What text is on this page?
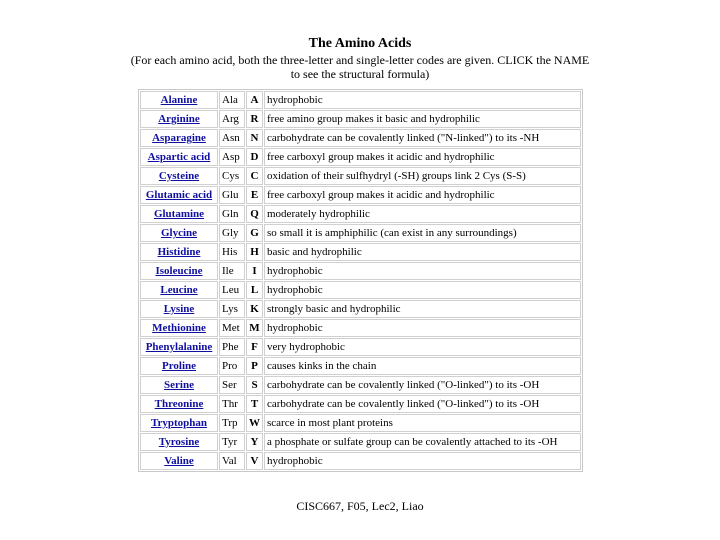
The Amino Acids
(For each amino acid, both the three-letter and single-letter codes are given. CLICK the NAME to see the structural formula)
Alanine	Ala	A	hydrophobic
Arginine	Arg	R	free amino group makes it basic and hydrophilic
Asparagine	Asn	N	carbohydrate can be covalently linked ("N-linked") to its -NH
Aspartic acid	Asp	D	free carboxyl group makes it acidic and hydrophilic
Cysteine	Cys	C	oxidation of their sulfhydryl (-SH) groups link 2 Cys (S-S)
Glutamic acid	Glu	E	free carboxyl group makes it acidic and hydrophilic
Glutamine	Gln	Q	moderately hydrophilic
Glycine	Gly	G	so small it is amphiphilic (can exist in any surroundings)
Histidine	His	H	basic and hydrophilic
Isoleucine	Ile	I	hydrophobic
Leucine	Leu	L	hydrophobic
Lysine	Lys	K	strongly basic and hydrophilic
Methionine	Met	M	hydrophobic
Phenylalanine	Phe	F	very hydrophobic
Proline	Pro	P	causes kinks in the chain
Serine	Ser	S	carbohydrate can be covalently linked ("O-linked") to its -OH
Threonine	Thr	T	carbohydrate can be covalently linked ("O-linked") to its -OH
Tryptophan	Trp	W	scarce in most plant proteins
Tyrosine	Tyr	Y	a phosphate or sulfate group can be covalently attached to its -OH
Valine	Val	V	hydrophobic
CISC667, F05, Lec2, Liao
